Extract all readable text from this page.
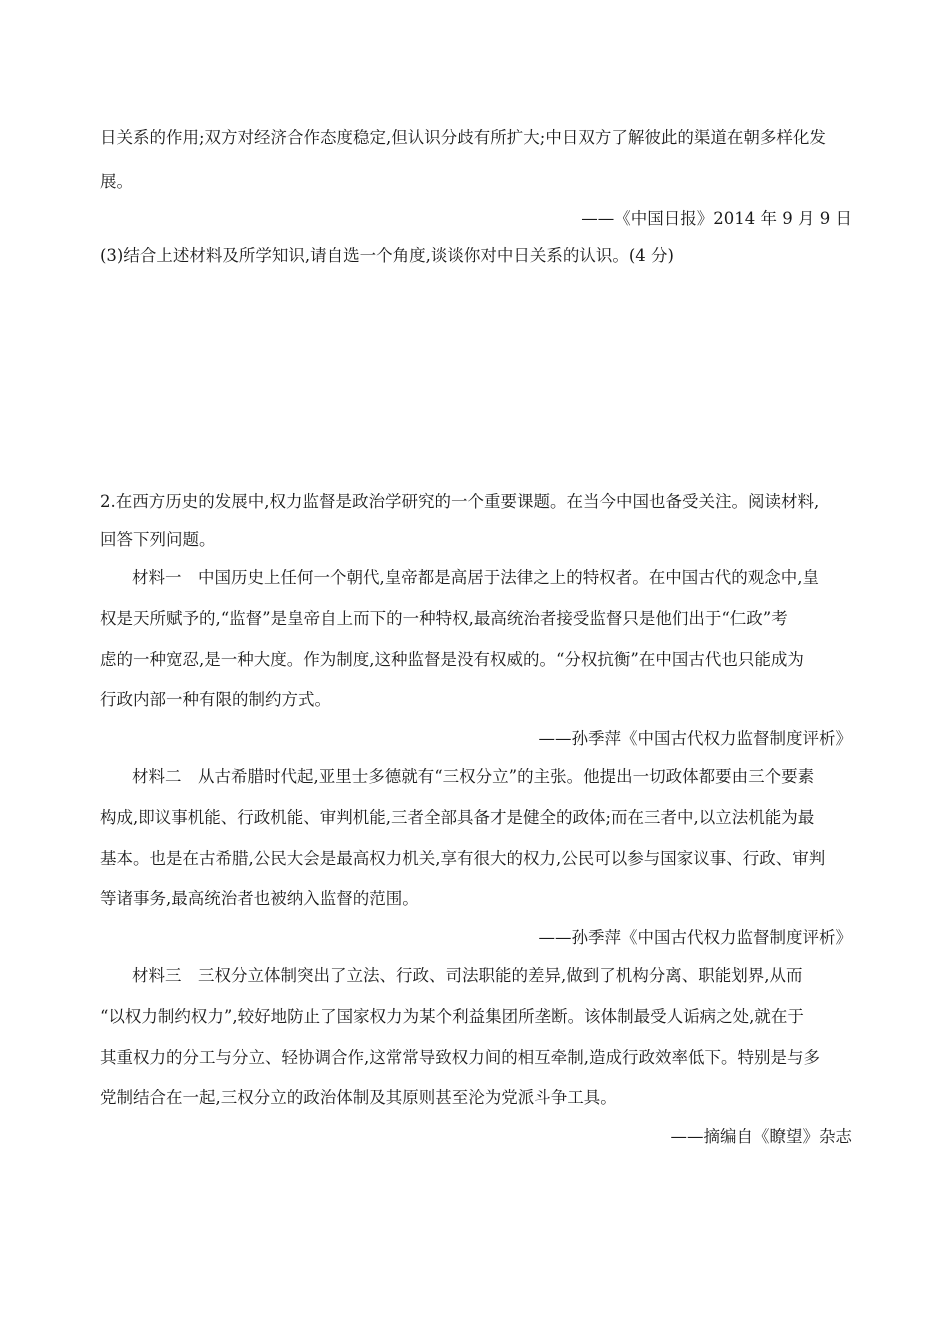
日关系的作用;双方对经济合作态度稳定,但认识分歧有所扩大;中日双方了解彼此的渠道在朝多样化发
展。
——《中国日报》2014 年 9 月 9 日
(3)结合上述材料及所学知识,请自选一个角度,谈谈你对中日关系的认识。(4 分)
2.在西方历史的发展中,权力监督是政治学研究的一个重要课题。在当今中国也备受关注。阅读材料,
回答下列问题。
材料一　中国历史上任何一个朝代,皇帝都是高居于法律之上的特权者。在中国古代的观念中,皇
权是天所赋予的,“监督”是皇帝自上而下的一种特权,最高统治者接受监督只是他们出于“仁政”考
虑的一种宽忍,是一种大度。作为制度,这种监督是没有权威的。“分权抗衡”在中国古代也只能成为
行政内部一种有限的制约方式。
——孙季萍《中国古代权力监督制度评析》
材料二　从古希腊时代起,亚里士多德就有“三权分立”的主张。他提出一切政体都要由三个要素
构成,即议事机能、行政机能、审判机能,三者全部具备才是健全的政体;而在三者中,以立法机能为最
基本。也是在古希腊,公民大会是最高权力机关,享有很大的权力,公民可以参与国家议事、行政、审判
等诸事务,最高统治者也被纳入监督的范围。
——孙季萍《中国古代权力监督制度评析》
材料三　三权分立体制突出了立法、行政、司法职能的差异,做到了机构分离、职能划界,从而
“以权力制约权力”,较好地防止了国家权力为某个利益集团所垄断。该体制最受人诟病之处,就在于
其重权力的分工与分立、轻协调合作,这常常导致权力间的相互牵制,造成行政效率低下。特别是与多
党制结合在一起,三权分立的政治体制及其原则甚至沦为党派斗争工具。
——摘编自《瞭望》杂志
